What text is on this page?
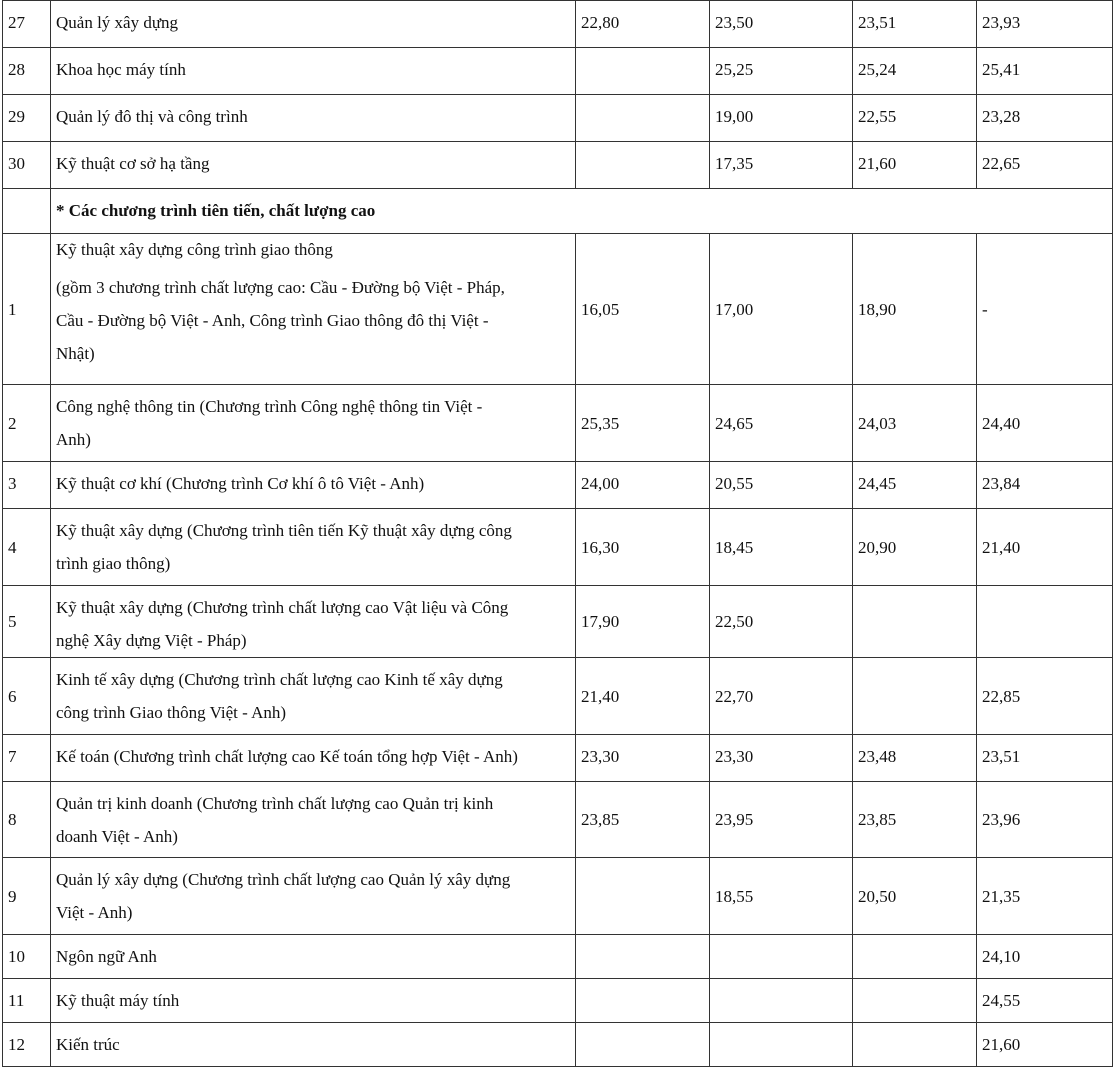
27	Quản lý xây dựng	22,80	23,50	23,51	23,93
28	Khoa học máy tính		25,25	25,24	25,41
29	Quản lý đô thị và công trình		19,00	22,55	23,28
30	Kỹ thuật cơ sở hạ tầng		17,35	21,60	22,65
	* Các chương trình tiên tiến, chất lượng cao				
1	Kỹ thuật xây dựng công trình giao thông
(gồm 3 chương trình chất lượng cao: Cầu - Đường bộ Việt - Pháp,
Cầu - Đường bộ Việt - Anh, Công trình Giao thông đô thị Việt -
Nhật)	16,05	17,00	18,90	-
2	Công nghệ thông tin (Chương trình Công nghệ thông tin Việt -
Anh)	25,35	24,65	24,03	24,40
3	Kỹ thuật cơ khí (Chương trình Cơ khí ô tô Việt - Anh)	24,00	20,55	24,45	23,84
4	Kỹ thuật xây dựng (Chương trình tiên tiến Kỹ thuật xây dựng công
trình giao thông)	16,30	18,45	20,90	21,40
5	Kỹ thuật xây dựng (Chương trình chất lượng cao Vật liệu và Công
nghệ Xây dựng Việt - Pháp)	17,90	22,50		
6	Kinh tế xây dựng (Chương trình chất lượng cao Kinh tế xây dựng
công trình Giao thông Việt - Anh)	21,40	22,70		22,85
7	Kế toán (Chương trình chất lượng cao Kế toán tổng hợp Việt - Anh)	23,30	23,30	23,48	23,51
8	Quản trị kinh doanh (Chương trình chất lượng cao Quản trị kinh
doanh Việt - Anh)	23,85	23,95	23,85	23,96
9	Quản lý xây dựng (Chương trình chất lượng cao Quản lý xây dựng
Việt - Anh)		18,55	20,50	21,35
10	Ngôn ngữ Anh				24,10
11	Kỹ thuật máy tính				24,55
12	Kiến trúc				21,60
